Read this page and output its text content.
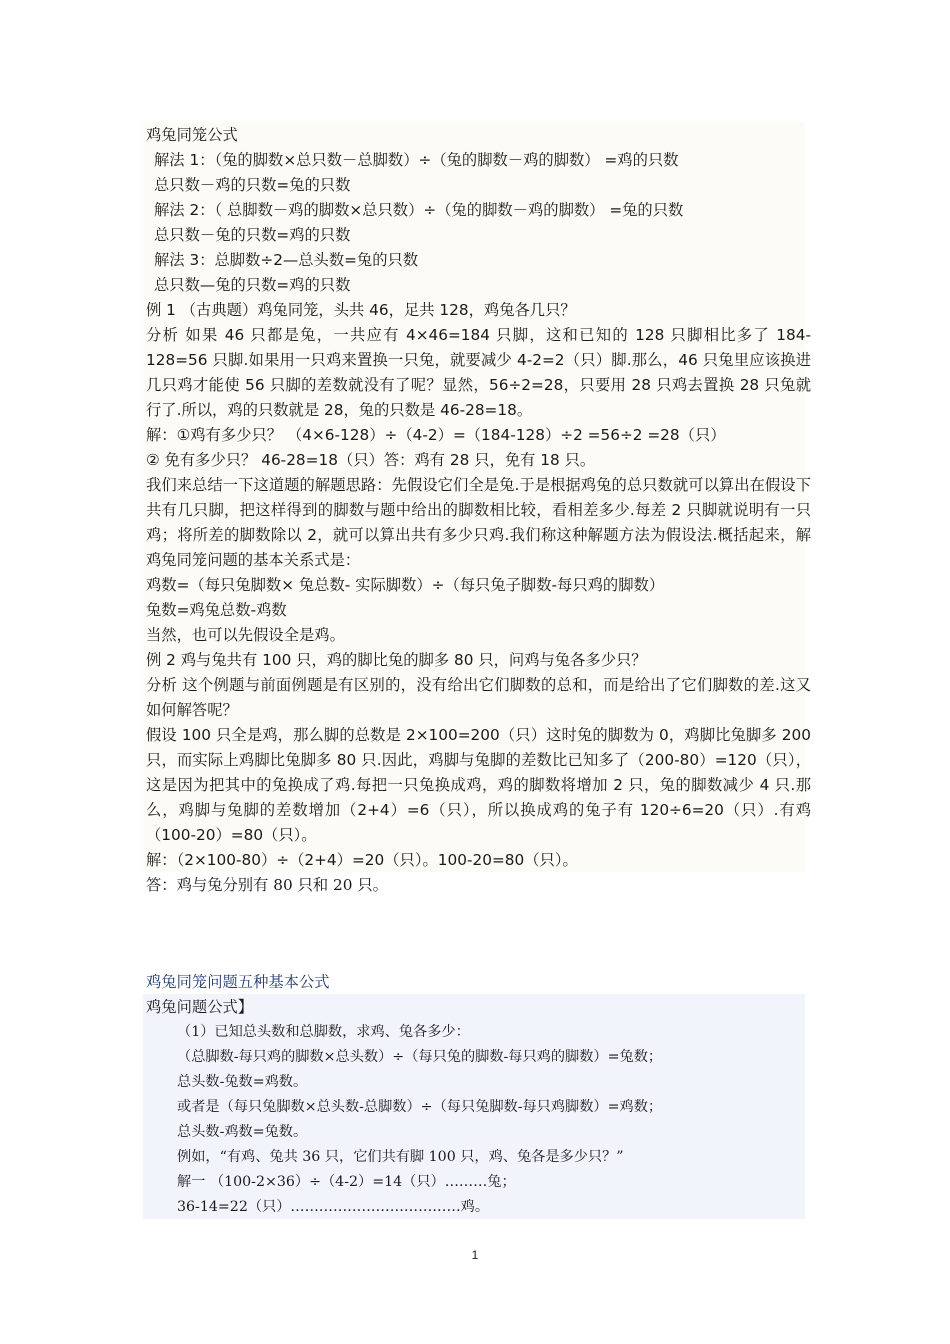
鸡兔同笼公式
解法 1：（兔的脚数×总只数－总脚数）÷（兔的脚数－鸡的脚数） =鸡的只数
总只数－鸡的只数=兔的只数
解法 2：（ 总脚数－鸡的脚数×总只数）÷（兔的脚数－鸡的脚数） =兔的只数
总只数－兔的只数=鸡的只数
解法 3：总脚数÷2—总头数=兔的只数
总只数—兔的只数=鸡的只数
例 1 （古典题）鸡兔同笼，头共 46，足共 128，鸡兔各几只？
分析 如果 46 只都是兔，一共应有 4×46=184 只脚，这和已知的 128 只脚相比多了 184-128=56 只脚.如果用一只鸡来置换一只兔，就要减少 4-2=2（只）脚.那么，46 只兔里应该换进几只鸡才能使 56 只脚的差数就没有了呢？显然，56÷2=28，只要用 28 只鸡去置换 28 只兔就行了.所以，鸡的只数就是 28，兔的只数是 46-28=18。
解：①鸡有多少只？ （4×6-128）÷（4-2）=（184-128）÷2 =56÷2 =28（只）
② 免有多少只？ 46-28=18（只）答：鸡有 28 只，免有 18 只。
我们来总结一下这道题的解题思路：先假设它们全是兔.于是根据鸡兔的总只数就可以算出在假设下共有几只脚，把这样得到的脚数与题中给出的脚数相比较，看相差多少.每差 2 只脚就说明有一只鸡；将所差的脚数除以 2，就可以算出共有多少只鸡.我们称这种解题方法为假设法.概括起来，解鸡兔同笼问题的基本关系式是：
鸡数=（每只兔脚数× 兔总数- 实际脚数）÷（每只兔子脚数-每只鸡的脚数）
兔数=鸡兔总数-鸡数
当然，也可以先假设全是鸡。
例 2 鸡与兔共有 100 只，鸡的脚比兔的脚多 80 只，问鸡与兔各多少只？
分析 这个例题与前面例题是有区别的，没有给出它们脚数的总和，而是给出了它们脚数的差.这又如何解答呢？
假设 100 只全是鸡，那么脚的总数是 2×100=200（只）这时兔的脚数为 0，鸡脚比兔脚多 200 只，而实际上鸡脚比兔脚多 80 只.因此，鸡脚与兔脚的差数比已知多了（200-80）=120（只），这是因为把其中的兔换成了鸡.每把一只兔换成鸡，鸡的脚数将增加 2 只，兔的脚数减少 4 只.那么，鸡脚与兔脚的差数增加（2+4）=6（只），所以换成鸡的兔子有 120÷6=20（只）.有鸡（100-20）=80（只）。
解：（2×100-80）÷（2+4）=20（只）。100-20=80（只）。
答：鸡与兔分别有 80 只和 20 只。
鸡兔同笼问题五种基本公式
鸡兔问题公式】
（1）已知总头数和总脚数，求鸡、兔各多少：
（总脚数-每只鸡的脚数×总头数）÷（每只兔的脚数-每只鸡的脚数）=兔数；
总头数-兔数=鸡数。
或者是（每只兔脚数×总头数-总脚数）÷（每只兔脚数-每只鸡脚数）=鸡数；
总头数-鸡数=兔数。
例如，“有鸡、兔共 36 只，它们共有脚 100 只，鸡、兔各是多少只？”
解一 （100-2×36）÷（4-2）=14（只）………兔；
36-14=22（只）………………………………鸡。
1
